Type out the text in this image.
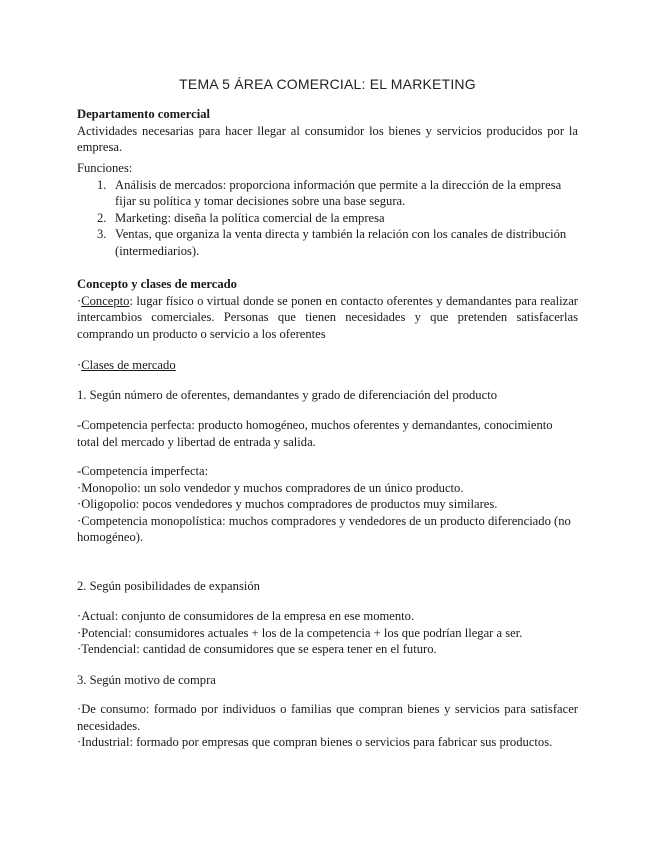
TEMA 5 ÁREA COMERCIAL: EL MARKETING
Departamento comercial
Actividades necesarias para hacer llegar al consumidor los bienes y servicios producidos por la empresa.
Funciones:
1. Análisis de mercados: proporciona información que permite a la dirección de la empresa fijar su política y tomar decisiones sobre una base segura.
2. Marketing: diseña la política comercial de la empresa
3. Ventas, que organiza la venta directa y también la relación con los canales de distribución (intermediarios).
Concepto y clases de mercado
·Concepto: lugar físico o virtual donde se ponen en contacto oferentes y demandantes para realizar intercambios comerciales. Personas que tienen necesidades y que pretenden satisfacerlas comprando un producto o servicio a los oferentes
·Clases de mercado
1. Según número de oferentes, demandantes y grado de diferenciación del producto
-Competencia perfecta: producto homogéneo, muchos oferentes y demandantes, conocimiento total del mercado y libertad de entrada y salida.
-Competencia imperfecta:
·Monopolio: un solo vendedor y muchos compradores de un único producto.
·Oligopolio: pocos vendedores y muchos compradores de productos muy similares.
·Competencia monopolística: muchos compradores y vendedores de un producto diferenciado (no homogéneo).
2. Según posibilidades de expansión
·Actual: conjunto de consumidores de la empresa en ese momento.
·Potencial: consumidores actuales + los de la competencia + los que podrían llegar a ser.
·Tendencial: cantidad de consumidores que se espera tener en el futuro.
3. Según motivo de compra
·De consumo: formado por individuos o familias que compran bienes y servicios para satisfacer necesidades.
·Industrial: formado por empresas que compran bienes o servicios para fabricar sus productos.
